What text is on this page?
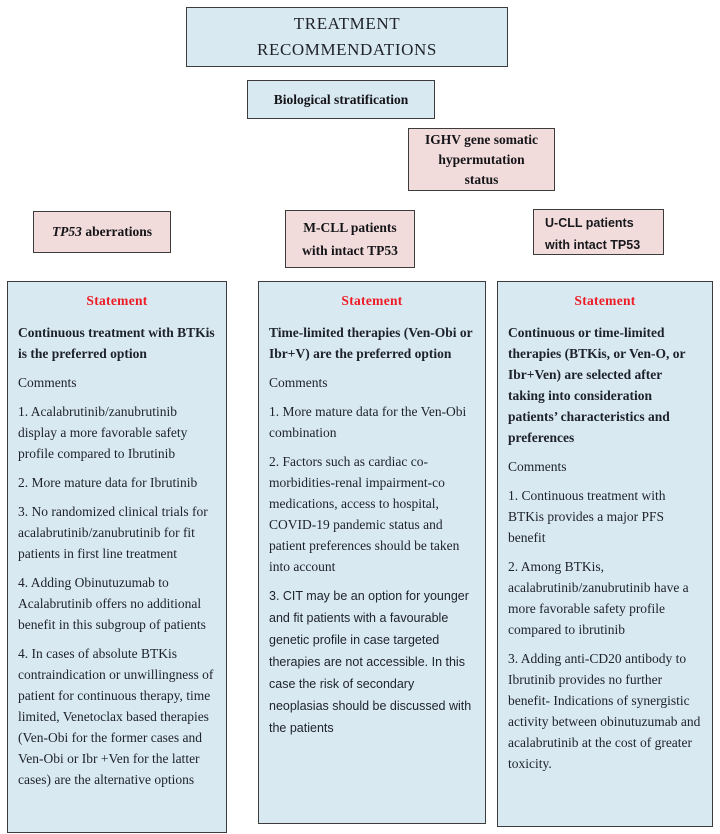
TREATMENT RECOMMENDATIONS
Biological stratification
IGHV gene somatic hypermutation status
TP53 aberrations	M-CLL patients with intact TP53
U-CLL patients with intact TP53

Statement

Continuous treatment with BTKis is the preferred option

Comments

1. Acalabrutinib/zanubrutinib display a more favorable safety profile compared to Ibrutinib

2. More mature data for Ibrutinib

3. No randomized clinical trials for acalabrutinib/zanubrutinib for fit patients in first line treatment

4. Adding Obinutuzumab to Acalabrutinib offers no additional benefit in this subgroup of patients

4. In cases of absolute BTKis contraindication or unwillingness of patient for continuous therapy, time limited, Venetoclax based therapies (Ven-Obi for the former cases and Ven-Obi or Ibr +Ven for the latter cases) are the alternative options

Statement

Time-limited therapies (Ven-Obi or Ibr+V) are the preferred option

Comments

1. More mature data for the Ven-Obi combination

2. Factors such as cardiac co-morbidities-renal impairment-co medications, access to hospital, COVID-19 pandemic status and patient preferences should be taken into account

3. CIT may be an option for younger and fit patients with a favourable genetic profile in case targeted therapies are not accessible. In this case the risk of secondary neoplasias should be discussed with the patients

Statement

Continuous or time-limited therapies (BTKis, or Ven-O, or Ibr+Ven) are selected after taking into consideration patients’ characteristics and preferences

Comments

1. Continuous treatment with BTKis provides a major PFS benefit

2. Among BTKis, acalabrutinib/zanubrutinib have a more favorable safety profile compared to ibrutinib

3. Adding anti-CD20 antibody to Ibrutinib provides no further benefit- Indications of synergistic activity between obinutuzumab and acalabrutinib at the cost of greater toxicity.
